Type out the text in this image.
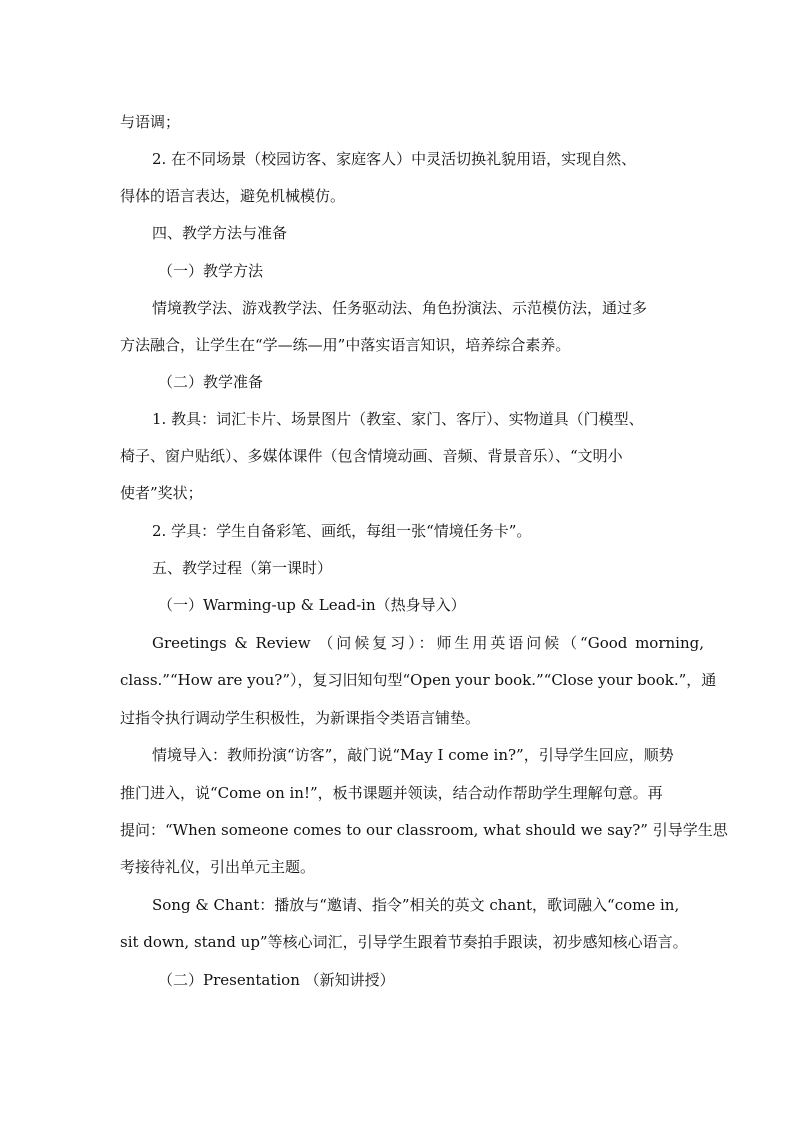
与语调；
2. 在不同场景（校园访客、家庭客人）中灵活切换礼貌用语，实现自然、
得体的语言表达，避免机械模仿。
四、教学方法与准备
（一）教学方法
情境教学法、游戏教学法、任务驱动法、角色扮演法、示范模仿法，通过多
方法融合，让学生在“学—练—用”中落实语言知识，培养综合素养。
（二）教学准备
1. 教具：词汇卡片、场景图片（教室、家门、客厅）、实物道具（门模型、
椅子、窗户贴纸）、多媒体课件（包含情境动画、音频、背景音乐）、“文明小
使者”奖状；
2. 学具：学生自备彩笔、画纸，每组一张“情境任务卡”。
五、教学过程（第一课时）
（一）Warming-up & Lead-in（热身导入）
Greetings & Review （问候复习）：师生用英语问候（“Good morning,
class.”“How are you?”），复习旧知句型“Open your book.”“Close your book.”，通
过指令执行调动学生积极性，为新课指令类语言铺垫。
情境导入：教师扮演“访客”，敲门说“May I come in?”，引导学生回应，顺势
推门进入，说“Come on in!”，板书课题并领读，结合动作帮助学生理解句意。再
提问：“When someone comes to our classroom, what should we say?” 引导学生思
考接待礼仪，引出单元主题。
Song & Chant：播放与“邀请、指令”相关的英文 chant，歌词融入“come in,
sit down, stand up”等核心词汇，引导学生跟着节奏拍手跟读，初步感知核心语言。
（二）Presentation （新知讲授）
